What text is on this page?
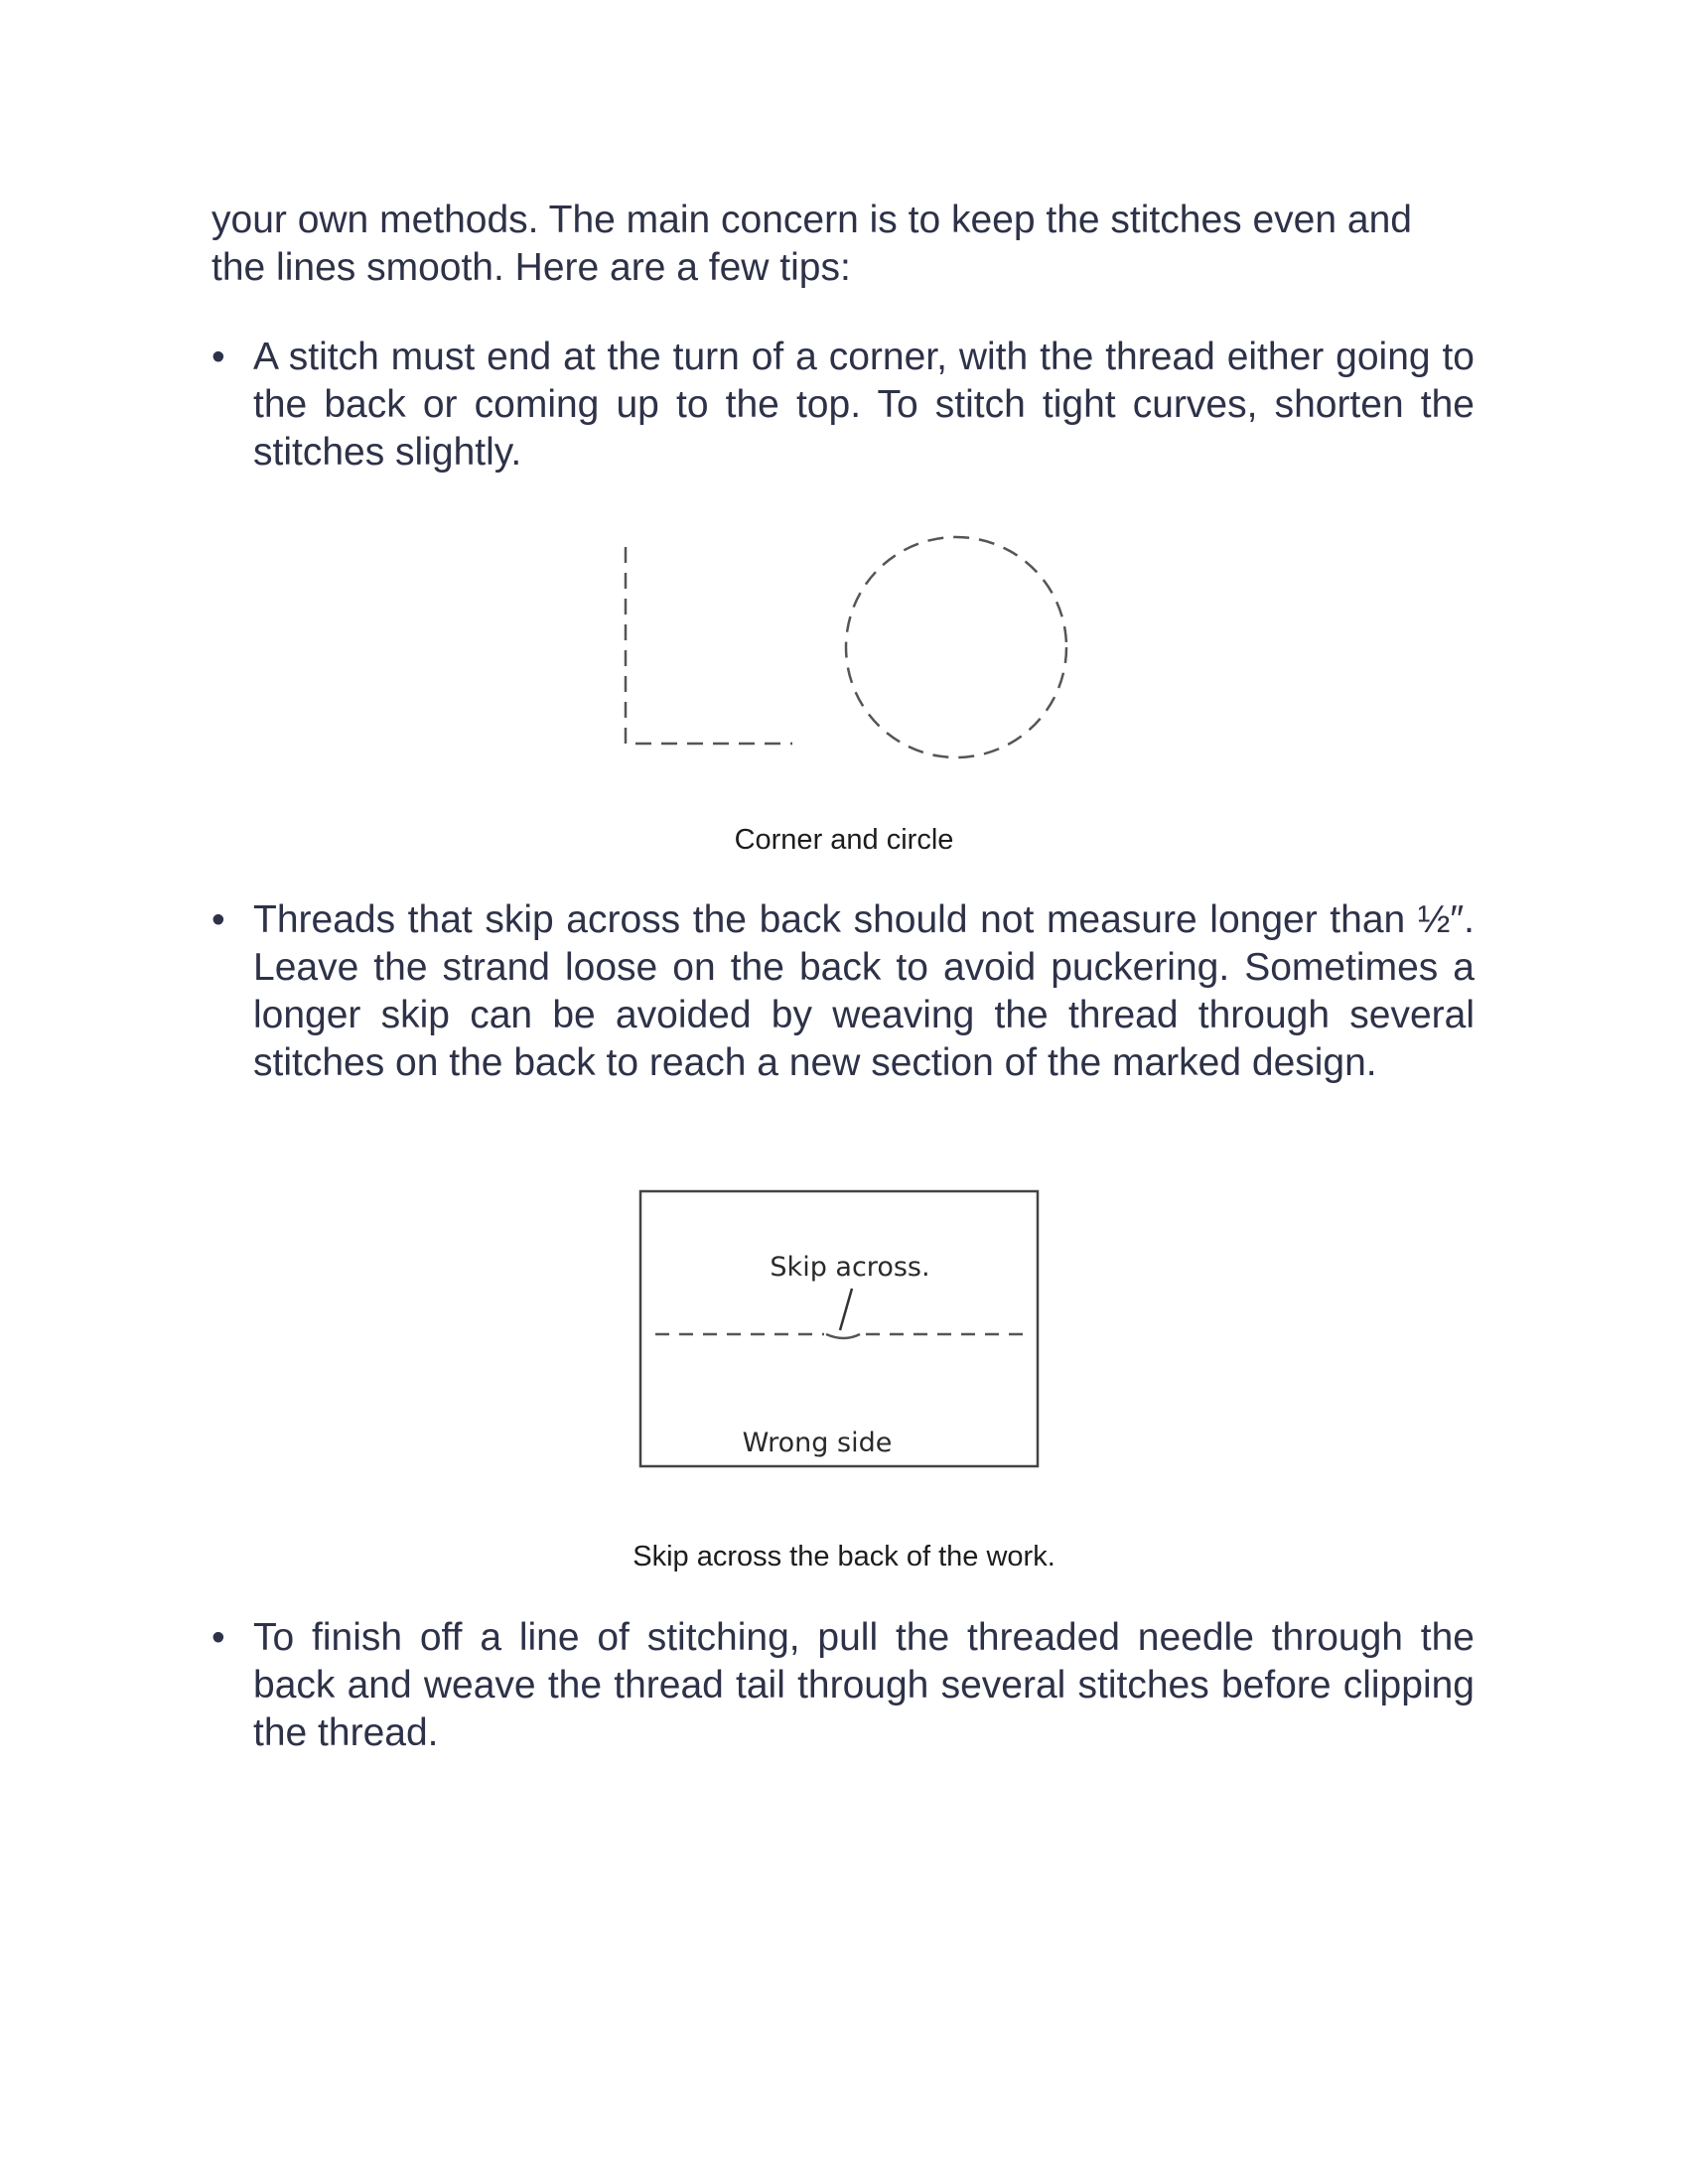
your own methods. The main concern is to keep the stitches even and the lines smooth. Here are a few tips:

• A stitch must end at the turn of a corner, with the thread either going to the back or coming up to the top. To stitch tight curves, shorten the stitches slightly.
Corner and circle
• Threads that skip across the back should not measure longer than ½″. Leave the strand loose on the back to avoid puckering. Sometimes a longer skip can be avoided by weaving the thread through several stitches on the back to reach a new section of the marked design.
Skip across.
Wrong side
Skip across the back of the work.
• To finish off a line of stitching, pull the threaded needle through the back and weave the thread tail through several stitches before clipping the thread.
